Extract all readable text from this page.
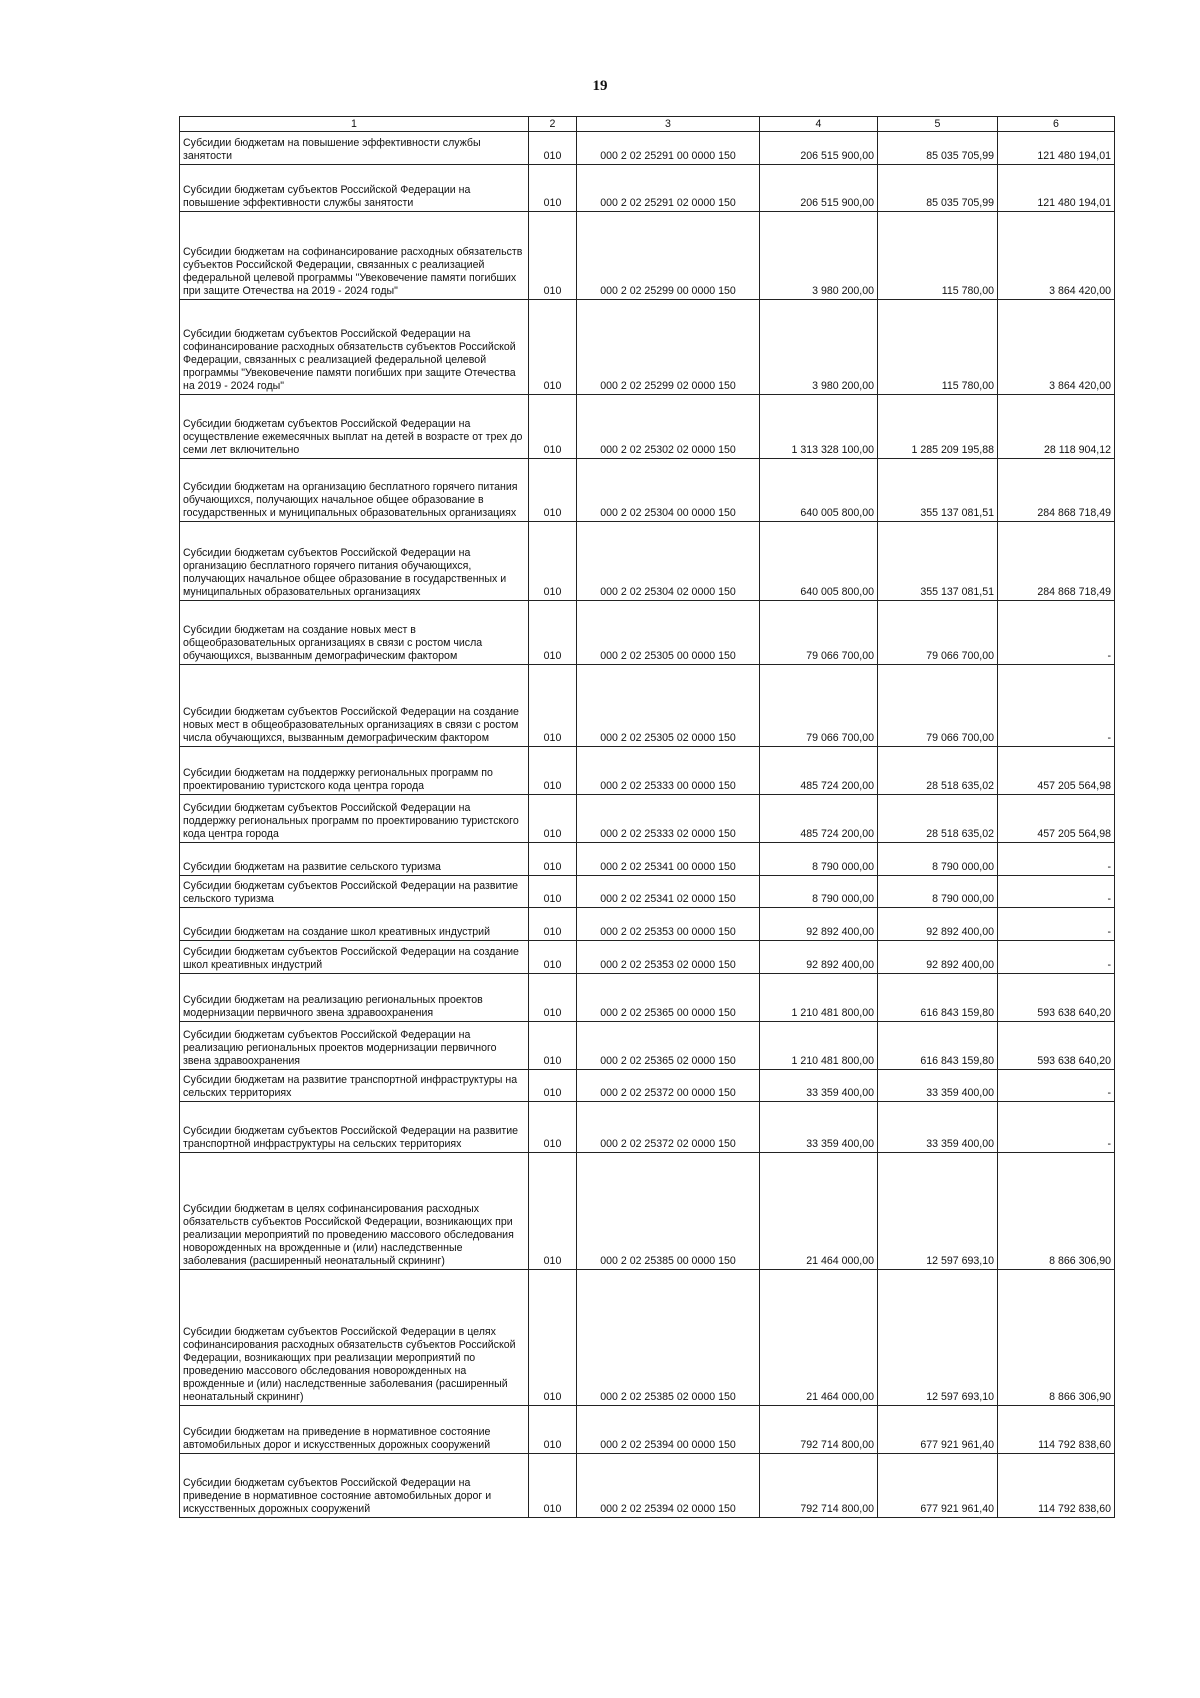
19
1	2	3	4	5	6
Субсидии бюджетам на повышение эффективности службы занятости	010	000 2 02 25291 00 0000 150	206 515 900,00	85 035 705,99	121 480 194,01
Субсидии бюджетам субъектов Российской Федерации на повышение эффективности службы занятости	010	000 2 02 25291 02 0000 150	206 515 900,00	85 035 705,99	121 480 194,01
Субсидии бюджетам на софинансирование расходных обязательств субъектов Российской Федерации, связанных с реализацией федеральной целевой программы "Увековечение памяти погибших при защите Отечества на 2019 - 2024 годы"	010	000 2 02 25299 00 0000 150	3 980 200,00	115 780,00	3 864 420,00
Субсидии бюджетам субъектов Российской Федерации на софинансирование расходных обязательств субъектов Российской Федерации, связанных с реализацией федеральной целевой программы "Увековечение памяти погибших при защите Отечества на 2019 - 2024 годы"	010	000 2 02 25299 02 0000 150	3 980 200,00	115 780,00	3 864 420,00
Субсидии бюджетам субъектов Российской Федерации на осуществление ежемесячных выплат на детей в возрасте от трех до семи лет включительно	010	000 2 02 25302 02 0000 150	1 313 328 100,00	1 285 209 195,88	28 118 904,12
Субсидии бюджетам на организацию бесплатного горячего питания обучающихся, получающих начальное общее образование в государственных и муниципальных образовательных организациях	010	000 2 02 25304 00 0000 150	640 005 800,00	355 137 081,51	284 868 718,49
Субсидии бюджетам субъектов Российской Федерации на организацию бесплатного горячего питания обучающихся, получающих начальное общее образование в государственных и муниципальных образовательных организациях	010	000 2 02 25304 02 0000 150	640 005 800,00	355 137 081,51	284 868 718,49
Субсидии бюджетам на создание новых мест в общеобразовательных организациях в связи с ростом числа обучающихся, вызванным демографическим фактором	010	000 2 02 25305 00 0000 150	79 066 700,00	79 066 700,00	-
Субсидии бюджетам субъектов Российской Федерации на создание новых мест в общеобразовательных организациях в связи с ростом числа обучающихся, вызванным демографическим фактором	010	000 2 02 25305 02 0000 150	79 066 700,00	79 066 700,00	-
Субсидии бюджетам на поддержку региональных программ по проектированию туристского кода центра города	010	000 2 02 25333 00 0000 150	485 724 200,00	28 518 635,02	457 205 564,98
Субсидии бюджетам субъектов Российской Федерации на поддержку региональных программ по проектированию туристского кода центра города	010	000 2 02 25333 02 0000 150	485 724 200,00	28 518 635,02	457 205 564,98
Субсидии бюджетам на развитие сельского туризма	010	000 2 02 25341 00 0000 150	8 790 000,00	8 790 000,00	-
Субсидии бюджетам субъектов Российской Федерации на развитие сельского туризма	010	000 2 02 25341 02 0000 150	8 790 000,00	8 790 000,00	-
Субсидии бюджетам на создание школ креативных индустрий	010	000 2 02 25353 00 0000 150	92 892 400,00	92 892 400,00	-
Субсидии бюджетам субъектов Российской Федерации на создание школ креативных индустрий	010	000 2 02 25353 02 0000 150	92 892 400,00	92 892 400,00	-
Субсидии бюджетам на реализацию региональных проектов модернизации первичного звена здравоохранения	010	000 2 02 25365 00 0000 150	1 210 481 800,00	616 843 159,80	593 638 640,20
Субсидии бюджетам субъектов Российской Федерации на реализацию региональных проектов модернизации первичного звена здравоохранения	010	000 2 02 25365 02 0000 150	1 210 481 800,00	616 843 159,80	593 638 640,20
Субсидии бюджетам на развитие транспортной инфраструктуры на сельских территориях	010	000 2 02 25372 00 0000 150	33 359 400,00	33 359 400,00	-
Субсидии бюджетам субъектов Российской Федерации на развитие транспортной инфраструктуры на сельских территориях	010	000 2 02 25372 02 0000 150	33 359 400,00	33 359 400,00	-
Субсидии бюджетам в целях софинансирования расходных обязательств субъектов Российской Федерации, возникающих при реализации мероприятий по проведению массового обследования новорожденных на врожденные и (или) наследственные заболевания (расширенный неонатальный скрининг)	010	000 2 02 25385 00 0000 150	21 464 000,00	12 597 693,10	8 866 306,90
Субсидии бюджетам субъектов Российской Федерации в целях софинансирования расходных обязательств субъектов Российской Федерации, возникающих при реализации мероприятий по проведению массового обследования новорожденных на врожденные и (или) наследственные заболевания (расширенный неонатальный скрининг)	010	000 2 02 25385 02 0000 150	21 464 000,00	12 597 693,10	8 866 306,90
Субсидии бюджетам на приведение в нормативное состояние автомобильных дорог и искусственных дорожных сооружений	010	000 2 02 25394 00 0000 150	792 714 800,00	677 921 961,40	114 792 838,60
Субсидии бюджетам субъектов Российской Федерации на приведение в нормативное состояние автомобильных дорог и искусственных дорожных сооружений	010	000 2 02 25394 02 0000 150	792 714 800,00	677 921 961,40	114 792 838,60
